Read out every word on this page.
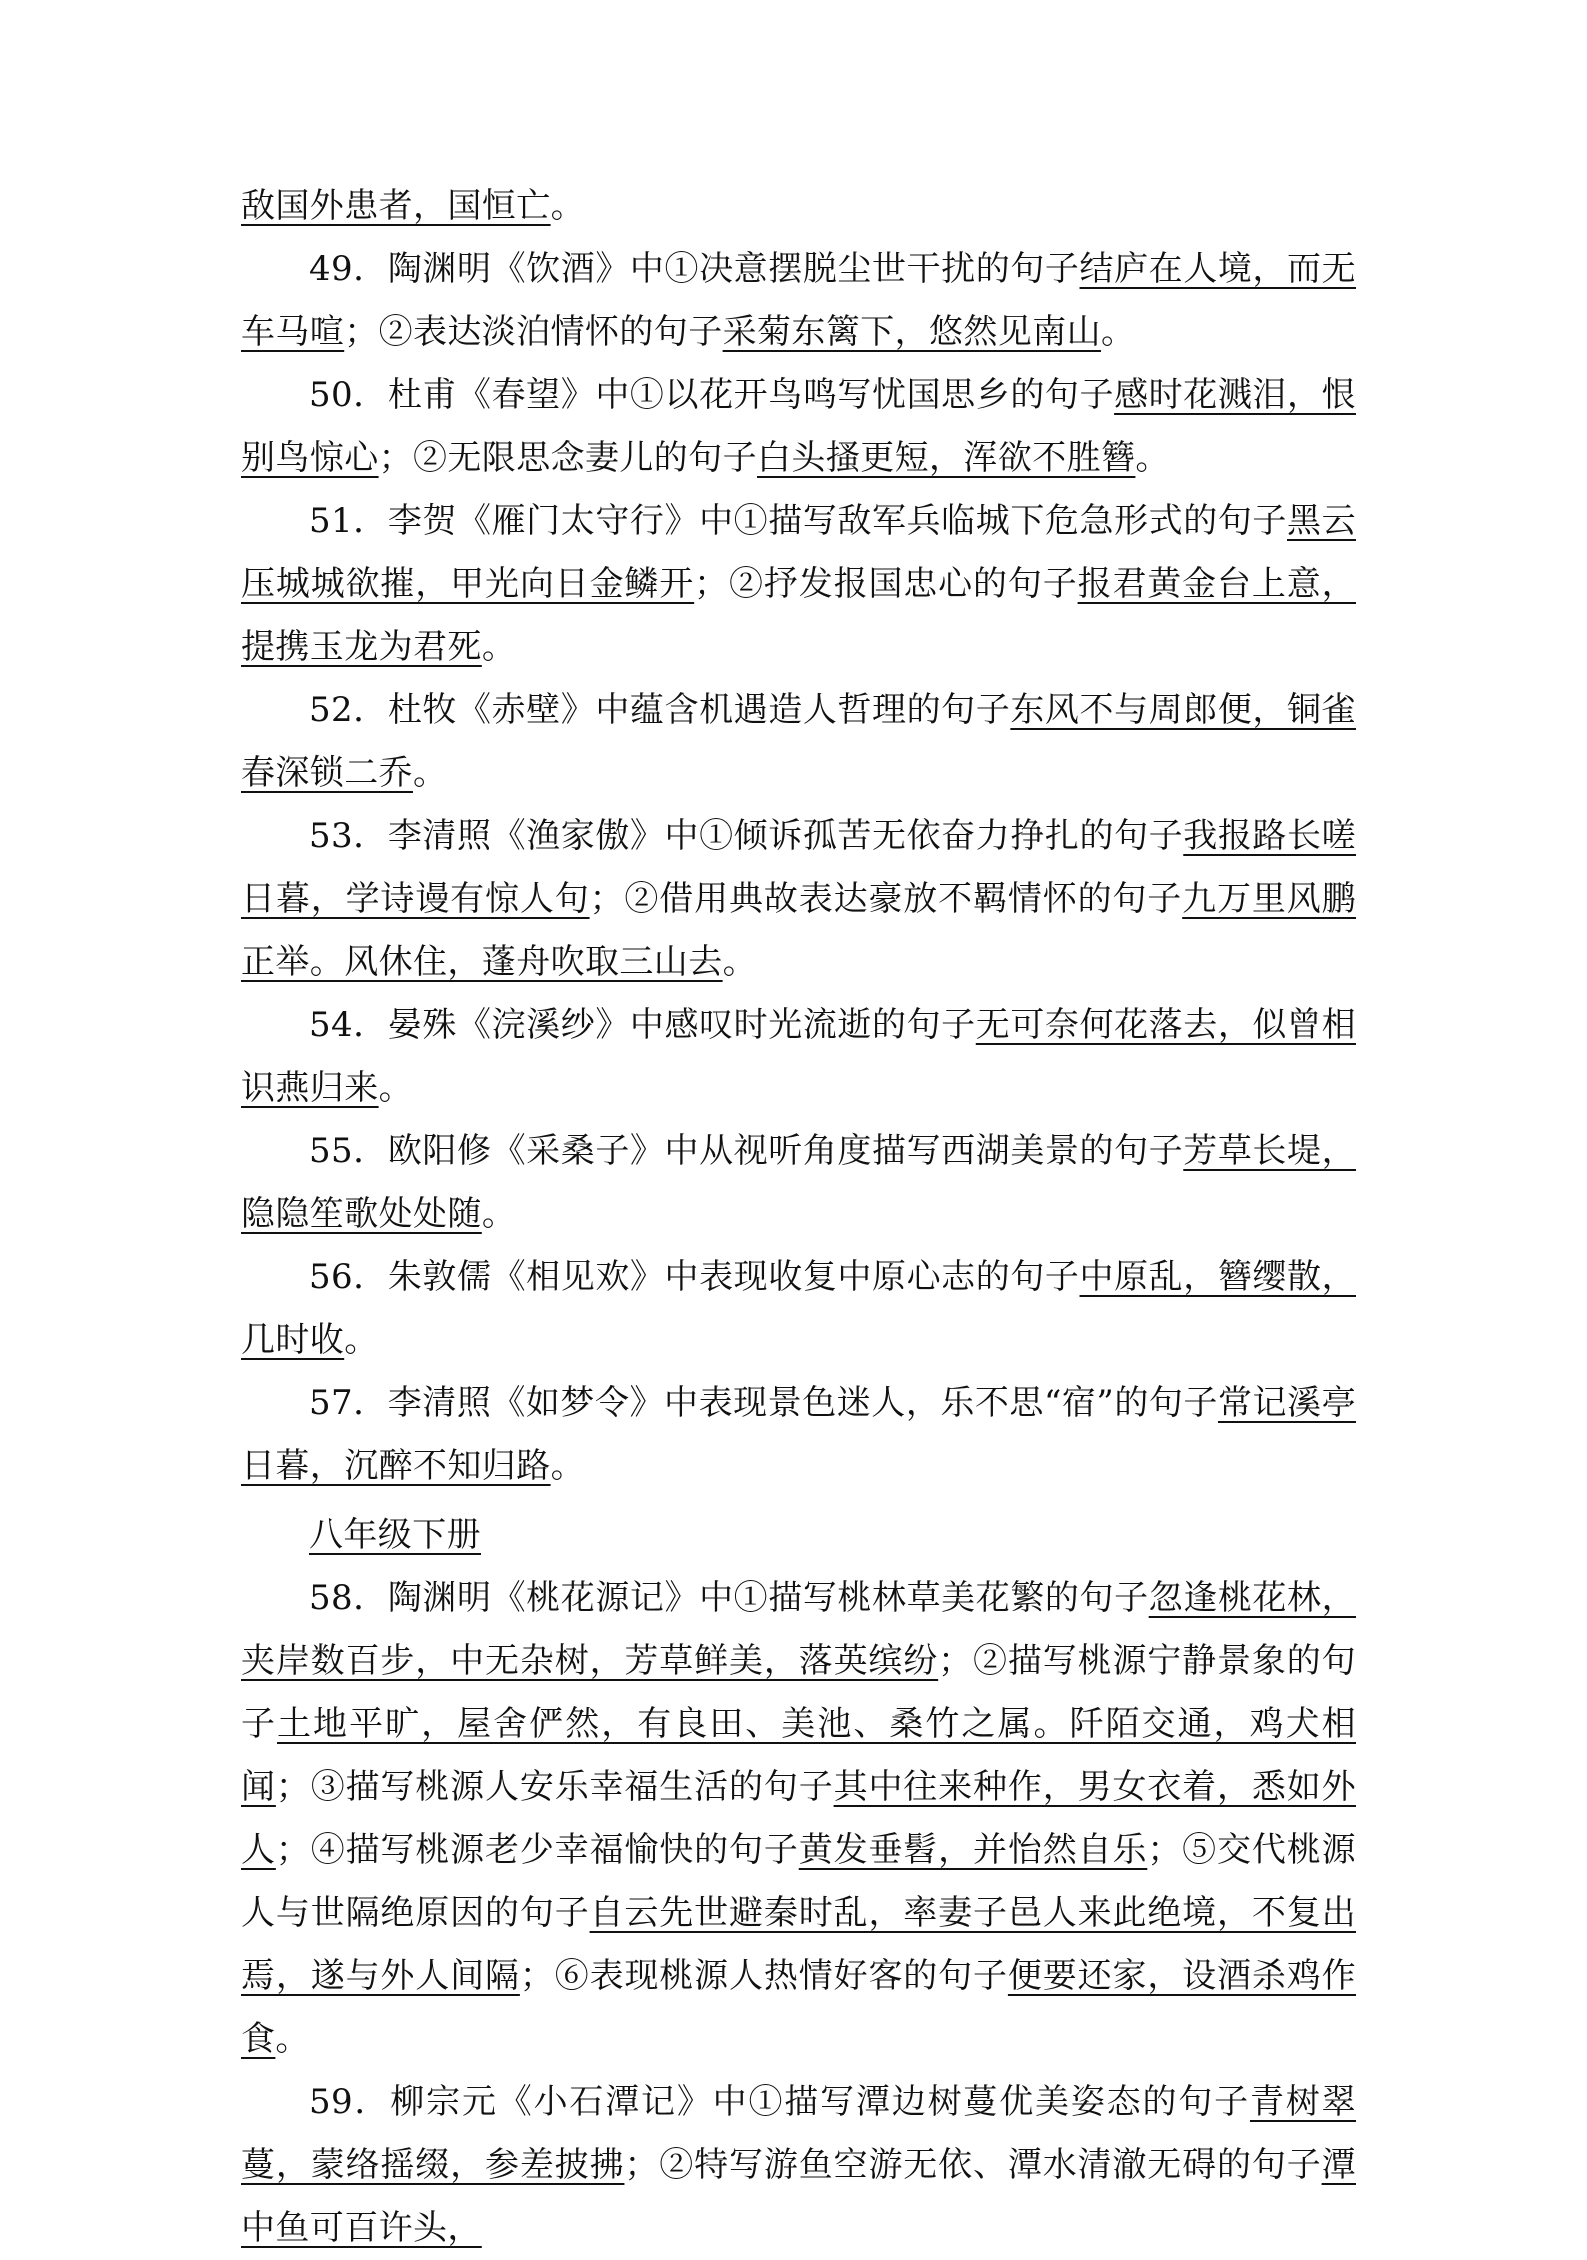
敌国外患者，国恒亡。

49．陶渊明《饮酒》中①决意摆脱尘世干扰的句子结庐在人境，而无车马喧；②表达淡泊情怀的句子采菊东篱下，悠然见南山。

50．杜甫《春望》中①以花开鸟鸣写忧国思乡的句子感时花溅泪，恨别鸟惊心；②无限思念妻儿的句子白头搔更短，浑欲不胜簪。

51．李贺《雁门太守行》中①描写敌军兵临城下危急形式的句子黑云压城城欲摧，甲光向日金鳞开；②抒发报国忠心的句子报君黄金台上意，提携玉龙为君死。

52．杜牧《赤壁》中蕴含机遇造人哲理的句子东风不与周郎便，铜雀春深锁二乔。

53．李清照《渔家傲》中①倾诉孤苦无依奋力挣扎的句子我报路长嗟日暮，学诗谩有惊人句；②借用典故表达豪放不羁情怀的句子九万里风鹏正举。风休住，蓬舟吹取三山去。

54．晏殊《浣溪纱》中感叹时光流逝的句子无可奈何花落去，似曾相识燕归来。

55．欧阳修《采桑子》中从视听角度描写西湖美景的句子芳草长堤，隐隐笙歌处处随。

56．朱敦儒《相见欢》中表现收复中原心志的句子中原乱，簪缨散，几时收。

57．李清照《如梦令》中表现景色迷人，乐不思“宿”的句子常记溪亭日暮，沉醉不知归路。

八年级下册

58．陶渊明《桃花源记》中①描写桃林草美花繁的句子忽逢桃花林，夹岸数百步，中无杂树，芳草鲜美，落英缤纷；②描写桃源宁静景象的句子土地平旷，屋舍俨然，有良田、美池、桑竹之属。阡陌交通，鸡犬相闻；③描写桃源人安乐幸福生活的句子其中往来种作，男女衣着，悉如外人；④描写桃源老少幸福愉快的句子黄发垂髫，并怡然自乐；⑤交代桃源人与世隔绝原因的句子自云先世避秦时乱，率妻子邑人来此绝境，不复出焉，遂与外人间隔；⑥表现桃源人热情好客的句子便要还家，设酒杀鸡作食。

59．柳宗元《小石潭记》中①描写潭边树蔓优美姿态的句子青树翠蔓，蒙络摇缀，参差披拂；②特写游鱼空游无依、潭水清澈无碍的句子潭中鱼可百许头，
